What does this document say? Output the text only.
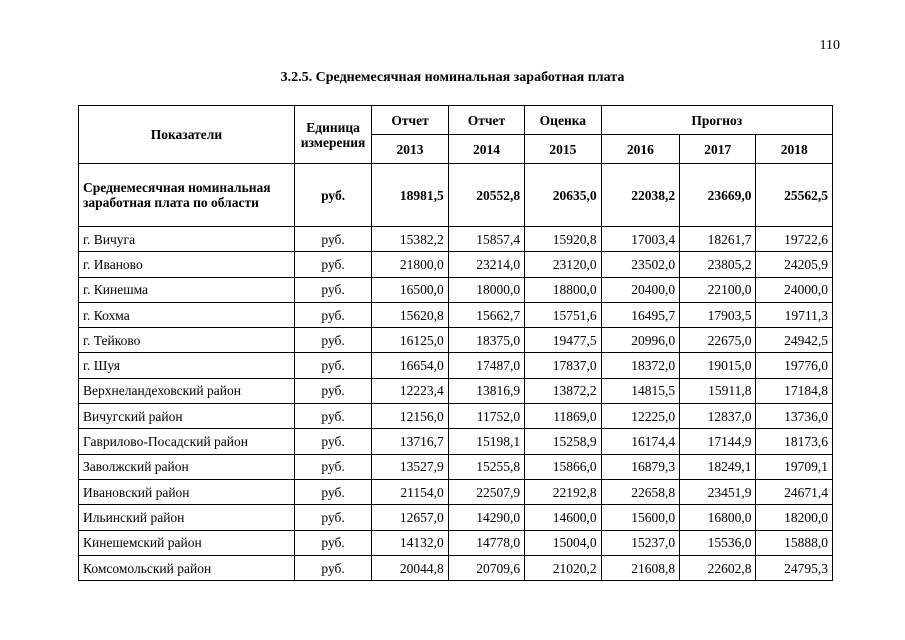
110
3.2.5. Среднемесячная номинальная заработная плата
Показатели	Единица измерения	Отчет	Отчет	Оценка	Прогноз		
		2013	2014	2015	2016	2017	2018
Среднемесячная номинальная заработная плата по области	руб.	18981,5	20552,8	20635,0	22038,2	23669,0	25562,5
г. Вичуга	руб.	15382,2	15857,4	15920,8	17003,4	18261,7	19722,6
г. Иваново	руб.	21800,0	23214,0	23120,0	23502,0	23805,2	24205,9
г. Кинешма	руб.	16500,0	18000,0	18800,0	20400,0	22100,0	24000,0
г. Кохма	руб.	15620,8	15662,7	15751,6	16495,7	17903,5	19711,3
г. Тейково	руб.	16125,0	18375,0	19477,5	20996,0	22675,0	24942,5
г. Шуя	руб.	16654,0	17487,0	17837,0	18372,0	19015,0	19776,0
Верхнеландеховский район	руб.	12223,4	13816,9	13872,2	14815,5	15911,8	17184,8
Вичугский район	руб.	12156,0	11752,0	11869,0	12225,0	12837,0	13736,0
Гаврилово-Посадский район	руб.	13716,7	15198,1	15258,9	16174,4	17144,9	18173,6
Заволжский район	руб.	13527,9	15255,8	15866,0	16879,3	18249,1	19709,1
Ивановский район	руб.	21154,0	22507,9	22192,8	22658,8	23451,9	24671,4
Ильинский район	руб.	12657,0	14290,0	14600,0	15600,0	16800,0	18200,0
Кинешемский район	руб.	14132,0	14778,0	15004,0	15237,0	15536,0	15888,0
Комсомольский район	руб.	20044,8	20709,6	21020,2	21608,8	22602,8	24795,3
